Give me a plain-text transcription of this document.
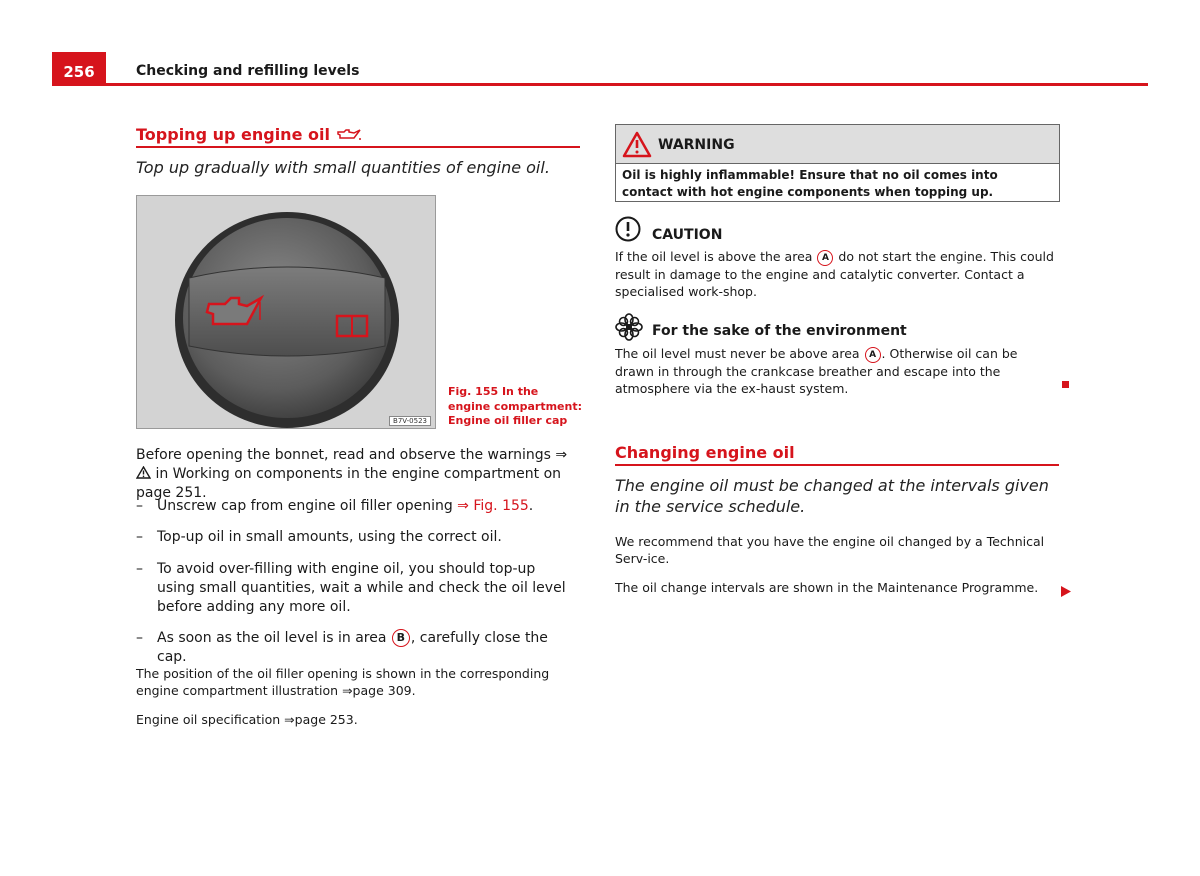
256	Checking and refilling levels
Topping up engine oil
Top up gradually with small quantities of engine oil.
B7V-0523
Fig. 155 In the engine compartment: Engine oil filler cap
Before opening the bonnet, read and observe the warnings ⇒  in Working on components in the engine compartment on page 251.
– Unscrew cap from engine oil filler opening ⇒ Fig. 155.
– Top-up oil in small amounts, using the correct oil.
– To avoid over-filling with engine oil, you should top-up using small quantities, wait a while and check the oil level before adding any more oil.
– As soon as the oil level is in area B , carefully close the cap.
The position of the oil filler opening is shown in the corresponding engine compartment illustration ⇒page 309.
Engine oil specification ⇒page 253.
WARNING
Oil is highly inflammable! Ensure that no oil comes into contact with hot engine components when topping up.
CAUTION
If the oil level is above the area A do not start the engine. This could result in damage to the engine and catalytic converter. Contact a specialised work-shop.
For the sake of the environment
The oil level must never be above area A . Otherwise oil can be drawn in through the crankcase breather and escape into the atmosphere via the ex-haust system.
Changing engine oil
The engine oil must be changed at the intervals given in the service schedule.
We recommend that you have the engine oil changed by a Technical Serv-ice.
The oil change intervals are shown in the Maintenance Programme.
